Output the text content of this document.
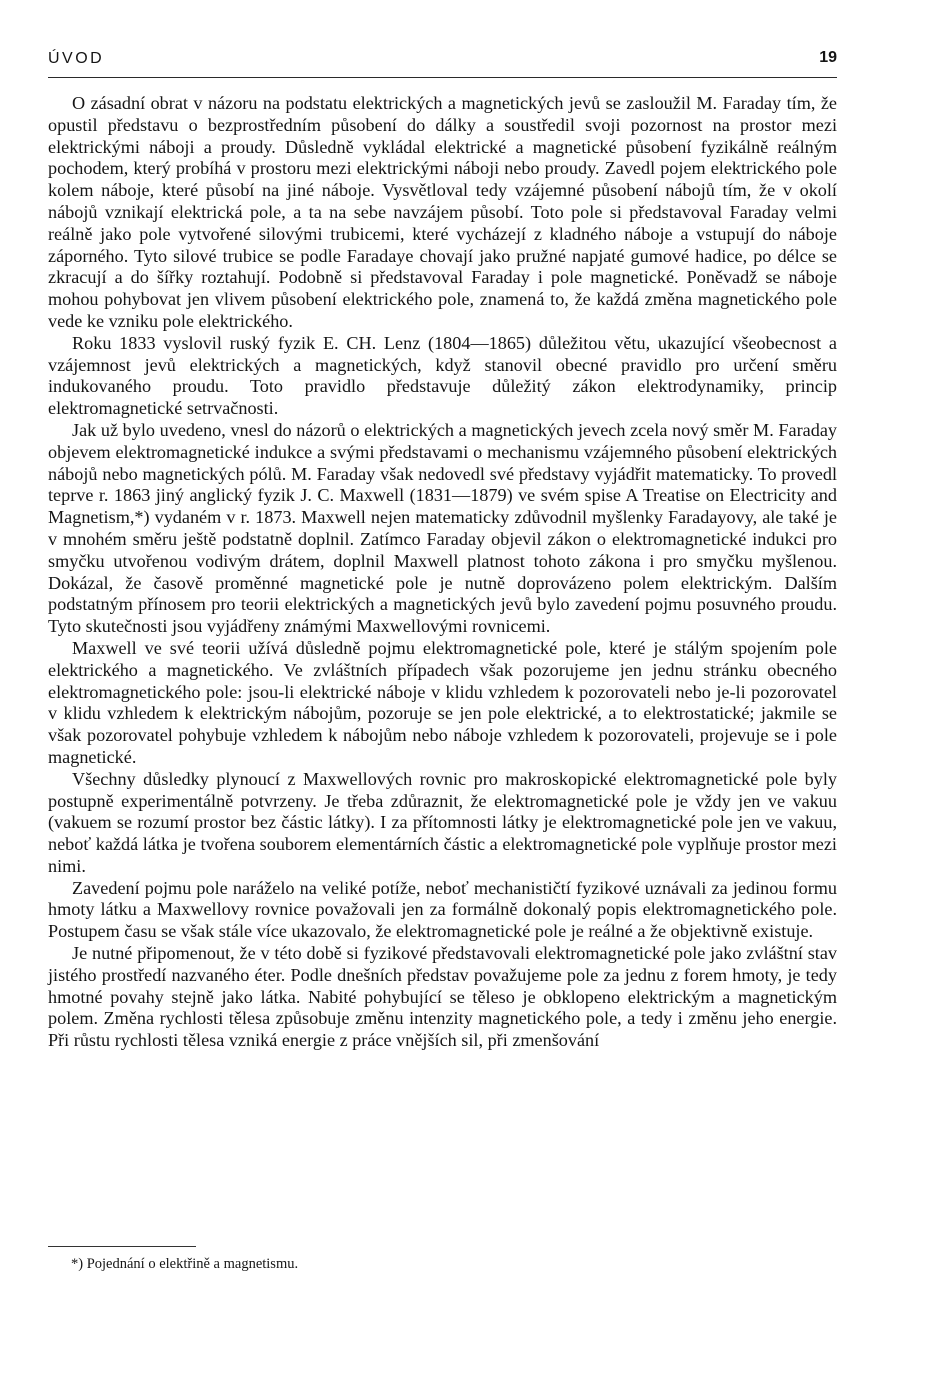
ÚVOD	19

O zásadní obrat v názoru na podstatu elektrických a magnetických jevů se zasloužil M. Faraday tím, že opustil představu o bezprostředním působení do dálky a soustředil svoji pozornost na prostor mezi elektrickými náboji a proudy. Důsledně vykládal elektrické a magnetické působení fyzikálně reálným pochodem, který probíhá v prostoru mezi elektrickými náboji nebo proudy. Zavedl pojem elektrického pole kolem náboje, které působí na jiné náboje. Vysvětloval tedy vzájemné působení nábojů tím, že v okolí nábojů vznikají elektrická pole, a ta na sebe navzájem působí. Toto pole si představoval Faraday velmi reálně jako pole vytvořené silovými trubicemi, které vycházejí z kladného náboje a vstupují do náboje záporného. Tyto silové trubice se podle Faradaye chovají jako pružné napjaté gumové hadice, po délce se zkracují a do šířky roztahují. Podobně si představoval Faraday i pole magnetické. Poněvadž se náboje mohou pohybovat jen vlivem působení elektrického pole, znamená to, že každá změna magnetického pole vede ke vzniku pole elektrického.

Roku 1833 vyslovil ruský fyzik E. CH. Lenz (1804—1865) důležitou větu, ukazující všeobecnost a vzájemnost jevů elektrických a magnetických, když stanovil obecné pravidlo pro určení směru indukovaného proudu. Toto pravidlo představuje důležitý zákon elektrodynamiky, princip elektromagnetické setrvačnosti.

Jak už bylo uvedeno, vnesl do názorů o elektrických a magnetických jevech zcela nový směr M. Faraday objevem elektromagnetické indukce a svými představami o mechanismu vzájemného působení elektrických nábojů nebo magnetických pólů. M. Faraday však nedovedl své představy vyjádřit matematicky. To provedl teprve r. 1863 jiný anglický fyzik J. C. Maxwell (1831—1879) ve svém spise A Treatise on Electricity and Magnetism,*) vydaném v r. 1873. Maxwell nejen matematicky zdůvodnil myšlenky Faradayovy, ale také je v mnohém směru ještě podstatně doplnil. Zatímco Faraday objevil zákon o elektromagnetické indukci pro smyčku utvořenou vodivým drátem, doplnil Maxwell platnost tohoto zákona i pro smyčku myšlenou. Dokázal, že časově proměnné magnetické pole je nutně doprovázeno polem elektrickým. Dalším podstatným přínosem pro teorii elektrických a magnetických jevů bylo zavedení pojmu posuvného proudu. Tyto skutečnosti jsou vyjádřeny známými Maxwellovými rovnicemi.

Maxwell ve své teorii užívá důsledně pojmu elektromagnetické pole, které je stálým spojením pole elektrického a magnetického. Ve zvláštních případech však pozorujeme jen jednu stránku obecného elektromagnetického pole: jsou-li elektrické náboje v klidu vzhledem k pozorovateli nebo je-li pozorovatel v klidu vzhledem k elektrickým nábojům, pozoruje se jen pole elektrické, a to elektrostatické; jakmile se však pozorovatel pohybuje vzhledem k nábojům nebo náboje vzhledem k pozorovateli, projevuje se i pole magnetické.

Všechny důsledky plynoucí z Maxwellových rovnic pro makroskopické elektromagnetické pole byly postupně experimentálně potvrzeny. Je třeba zdůraznit, že elektromagnetické pole je vždy jen ve vakuu (vakuem se rozumí prostor bez částic látky). I za přítomnosti látky je elektromagnetické pole jen ve vakuu, neboť každá látka je tvořena souborem elementárních částic a elektromagnetické pole vyplňuje prostor mezi nimi.

Zavedení pojmu pole naráželo na veliké potíže, neboť mechanističtí fyzikové uznávali za jedinou formu hmoty látku a Maxwellovy rovnice považovali jen za formálně dokonalý popis elektromagnetického pole. Postupem času se však stále více ukazovalo, že elektromagnetické pole je reálné a že objektivně existuje.

Je nutné připomenout, že v této době si fyzikové představovali elektromagnetické pole jako zvláštní stav jistého prostředí nazvaného éter. Podle dnešních představ považujeme pole za jednu z forem hmoty, je tedy hmotné povahy stejně jako látka. Nabité pohybující se těleso je obklopeno elektrickým a magnetickým polem. Změna rychlosti tělesa způsobuje změnu intenzity magnetického pole, a tedy i změnu jeho energie. Při růstu rychlosti tělesa vzniká energie z práce vnějších sil, při zmenšování

*) Pojednání o elektřině a magnetismu.
